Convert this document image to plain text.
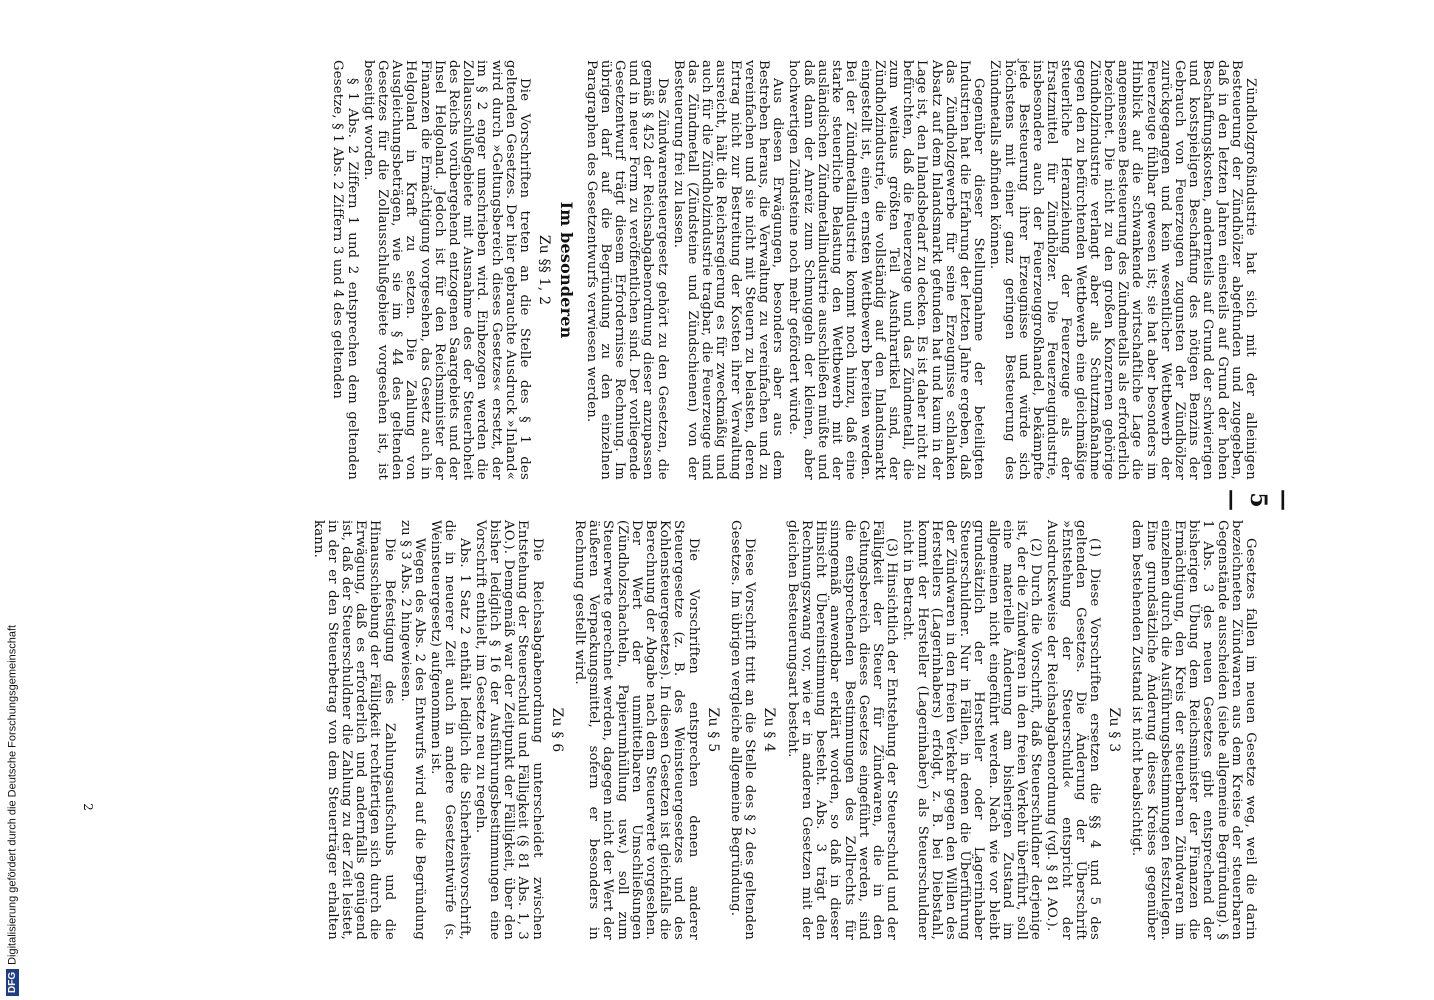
— 5 —

Zündholzgroßindustrie hat sich mit der alleinigen Besteuerung der Zündhölzer abgefunden und zugegeben, daß in den letzten Jahren einesteils auf Grund der hohen Beschaffungskosten, andernteils auf Grund der schwierigen und kostspieligen Beschaffung des nötigen Benzins der Gebrauch von Feuerzeugen zugunsten der Zündhölzer zurückgegangen und kein wesentlicher Wettbewerb der Feuerzeuge fühlbar gewesen ist; sie hat aber besonders im Hinblick auf die schwankende wirtschaftliche Lage die angemessene Besteuerung des Zündmetalls als erforderlich bezeichnet. Die nicht zu den großen Konzernen gehörige Zündholzindustrie verlangt aber als Schutzmaßnahme gegen den zu befürchtenden Wettbewerb eine gleichmäßige steuerliche Heranziehung der Feuerzeuge als der Ersatzmittel für Zündhölzer. Die Feuerzeugindustrie, insbesondere auch der Feuerzeuggroßhandel, bekämpfte jede Besteuerung ihrer Erzeugnisse und würde sich höchstens mit einer ganz geringen Besteuerung des Zündmetalls abfinden können.

Gegenüber dieser Stellungnahme der beteiligten Industrien hat die Erfahrung der letzten Jahre ergeben, daß das Zündholzgewerbe für seine Erzeugnisse schlanken Absatz auf dem Inlandsmarkt gefunden hat und kaum in der Lage ist, den Inlandsbedarf zu decken. Es ist daher nicht zu befürchten, daß die Feuerzeuge und das Zündmetall, die zum weitaus größten Teil Ausfuhrartikel sind, der Zündholzindustrie, die vollständig auf den Inlandsmarkt eingestellt ist, einen ernsten Wettbewerb bereiten werden. Bei der Zündmetallindustrie kommt noch hinzu, daß eine starke steuerliche Belastung den Wettbewerb mit der ausländischen Zündmetallindustrie ausschließen müßte und daß dann der Anreiz zum Schmuggeln der kleinen, aber hochwertigen Zündsteine noch mehr gefördert würde.

Aus diesen Erwägungen, besonders aber aus dem Bestreben heraus, die Verwaltung zu vereinfachen und zu vereinfachen und sie nicht mit Steuern zu belasten, deren Ertrag nicht zur Bestreitung der Kosten ihrer Verwaltung ausreicht, hält die Reichsregierung es für zweckmäßig und auch für die Zündholzindustrie tragbar, die Feuerzeuge und das Zündmetall (Zündsteine und Zündschienen) von der Besteuerung frei zu lassen.

Das Zündwarensteuergesetz gehört zu den Gesetzen, die gemäß § 452 der Reichsabgabenordnung dieser anzupassen und in neuer Form zu veröffentlichen sind. Der vorliegende Gesetzentwurf trägt diesem Erfordernisse Rechnung. Im übrigen darf auf die Begründung zu den einzelnen Paragraphen des Gesetzentwurfs verwiesen werden.

Im besonderen
Zu §§ 1, 2

Die Vorschriften treten an die Stelle des § 1 des geltenden Gesetzes. Der hier gebrauchte Ausdruck »Inland« wird durch »Geltungsbereich dieses Gesetzes« ersetzt, der im § 2 enger umschrieben wird. Einbezogen werden die Zollausschlußgebiete mit Ausnahme des der Steuerhoheit des Reichs vorübergehend entzogenen Saargebiets und der Insel Helgoland. Jedoch ist für den Reichsminister der Finanzen die Ermächtigung vorgesehen, das Gesetz auch in Helgoland in Kraft zu setzen. Die Zahlung von Ausgleichungsbeträgen, wie sie im § 44 des geltenden Gesetzes für die Zollausschlußgebiete vorgesehen ist, ist beseitigt worden.

§ 1 Abs. 2 Ziffern 1 und 2 entsprechen dem geltenden Gesetze, § 1 Abs. 2 Ziffern 3 und 4 des geltenden

Gesetzes fallen im neuen Gesetze weg, weil die darin bezeichneten Zündwaren aus dem Kreise der steuerbaren Gegenstände ausscheiden (siehe allgemeine Begründung). § 1 Abs. 3 des neuen Gesetzes gibt entsprechend der bisherigen Übung dem Reichsminister der Finanzen die Ermächtigung, den Kreis der steuerbaren Zündwaren im einzelnen durch die Ausführungsbestimmungen festzulegen. Eine grundsätzliche Änderung dieses Kreises gegenüber dem bestehenden Zustand ist nicht beabsichtigt.

Zu § 3

(1) Diese Vorschriften ersetzen die §§ 4 und 5 des geltenden Gesetzes. Die Änderung der Überschrift »Entstehung der Steuerschuld« entspricht der Ausdrucksweise der Reichsabgabenordnung (vgl. § 81 AO.).

(2) Durch die Vorschrift, daß Steuerschuldner derjenige ist, der die Zündwaren in den freien Verkehr überführt, soll eine materielle Änderung am bisherigen Zustand im allgemeinen nicht eingeführt werden. Nach wie vor bleibt grundsätzlich der Hersteller oder Lagerinhaber Steuerschuldner. Nur in Fällen, in denen die Überführung der Zündwaren in den freien Verkehr gegen den Willen des Herstellers (Lagerinhabers) erfolgt, z. B. bei Diebstahl, kommt der Hersteller (Lagerinhaber) als Steuerschuldner nicht in Betracht.

(3) Hinsichtlich der Entstehung der Steuerschuld und der Fälligkeit der Steuer für Zündwaren, die in den Geltungsbereich dieses Gesetzes eingeführt werden, sind die entsprechenden Bestimmungen des Zollrechts für sinngemäß anwendbar erklärt worden, so daß in dieser Hinsicht Übereinstimmung besteht. Abs. 3 trägt den Rechnungszwang vor, wie er in anderen Gesetzen mit der gleichen Besteuerungsart besteht.

Zu § 4

Diese Vorschrift tritt an die Stelle des § 2 des geltenden Gesetzes. Im übrigen vergleiche allgemeine Begründung.

Zu § 5

Die Vorschriften entsprechen denen anderer Steuergesetze (z. B. des Weinsteuergesetzes und des Kohlensteuergesetzes). In diesen Gesetzen ist gleichfalls die Berechnung der Abgabe nach dem Steuerwerte vorgesehen. Der Wert der unmittelbaren Umschließungen (Zündholzschachteln, Papierumhüllung usw.) soll zum Steuerwerte gerechnet werden, dagegen nicht der Wert der äußeren Verpackungsmittel, sofern er besonders in Rechnung gestellt wird.

Zu § 6

Die Reichsabgabenordnung unterscheidet zwischen Entstehung der Steuerschuld und Fälligkeit (§ 81 Abs. 1, 3 AO.). Demgemäß war der Zeitpunkt der Fälligkeit, über den bisher lediglich § 16 der Ausführungsbestimmungen eine Vorschrift enthielt, im Gesetze neu zu regeln.

Abs. 1 Satz 2 enthält lediglich die Sicherheitsvorschrift, die in neuerer Zeit auch in andere Gesetzentwürfe (s. Weinsteuergesetz) aufgenommen ist.

Wegen des Abs. 2 des Entwurfs wird auf die Begründung zu § 3 Abs. 2 hingewiesen.

Die Befestigung des Zahlungsaufschubs und die Hinausschiebung der Fälligkeit rechtfertigen sich durch die Erwägung, daß es erforderlich und andernfalls genügend ist, daß der Steuerschuldner die Zahlung zu der Zeit leistet, in der er den Steuerbetrag von dem Steuerträger erhalten kann.

DFGDigitalisierung gefördert durch die Deutsche Forschungsgemeinschaft	2
